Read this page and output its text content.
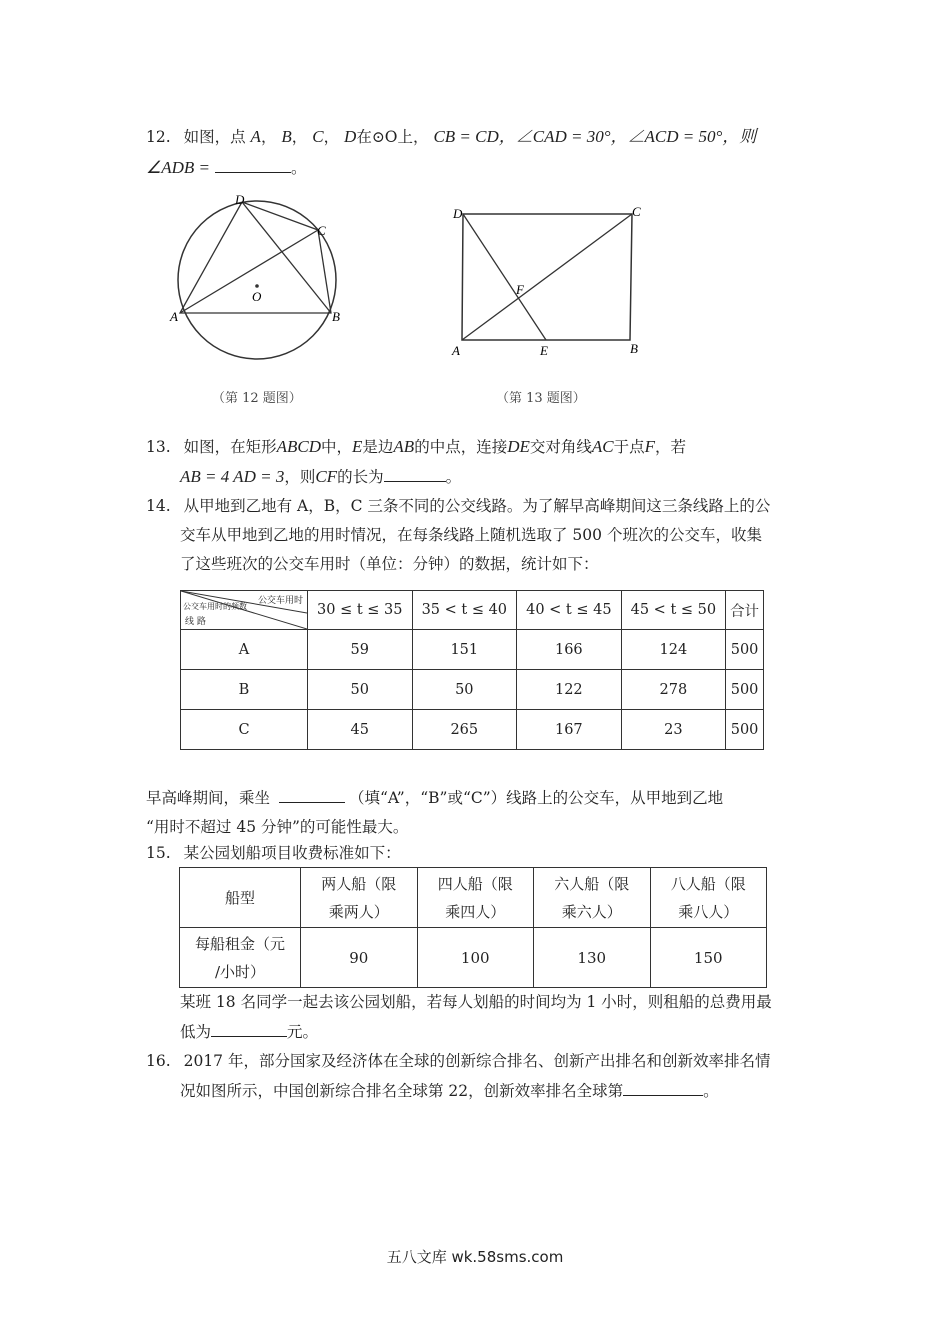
12. 如图，点 A， B， C， D在⊙O上， CB = CD，∠CAD = 30°，∠ACD = 50°，则
∠ADB =	。
D
C
O
A	B
（第 12 题图）
D	C
F
A	E	B
（第 13 题图）
13. 如图，在矩形ABCD中，E是边AB的中点，连接DE交对角线AC于点F，若
AB = 4 AD = 3，则CF的长为	。
14. 从甲地到乙地有 A，B，C 三条不同的公交线路。为了解早高峰期间这三条线路上的公
交车从甲地到乙地的用时情况，在每条线路上随机选取了 500 个班次的公交车，收集
了这些班次的公交车用时（单位：分钟）的数据，统计如下：
公交车用时
公交车用时的频数
线 路	30 ≤ t ≤ 35	35 < t ≤ 40	40 < t ≤ 45	45 < t ≤ 50	合计
A	59	151	166	124	500
B	50	50	122	278	500
C	45	265	167	23	500
早高峰期间，乘坐	（填“A”，“B”或“C”）线路上的公交车，从甲地到乙地
“用时不超过 45 分钟”的可能性最大。
15. 某公园划船项目收费标准如下：
船型	两人船（限
乘两人）	四人船（限
乘四人）	六人船（限
乘六人）	八人船（限
乘八人）
每船租金（元
/小时）	90	100	130	150
某班 18 名同学一起去该公园划船，若每人划船的时间均为 1 小时，则租船的总费用最
低为	元。
16. 2017 年，部分国家及经济体在全球的创新综合排名、创新产出排名和创新效率排名情
况如图所示，中国创新综合排名全球第 22，创新效率排名全球第	。
五八文库 wk.58sms.com
